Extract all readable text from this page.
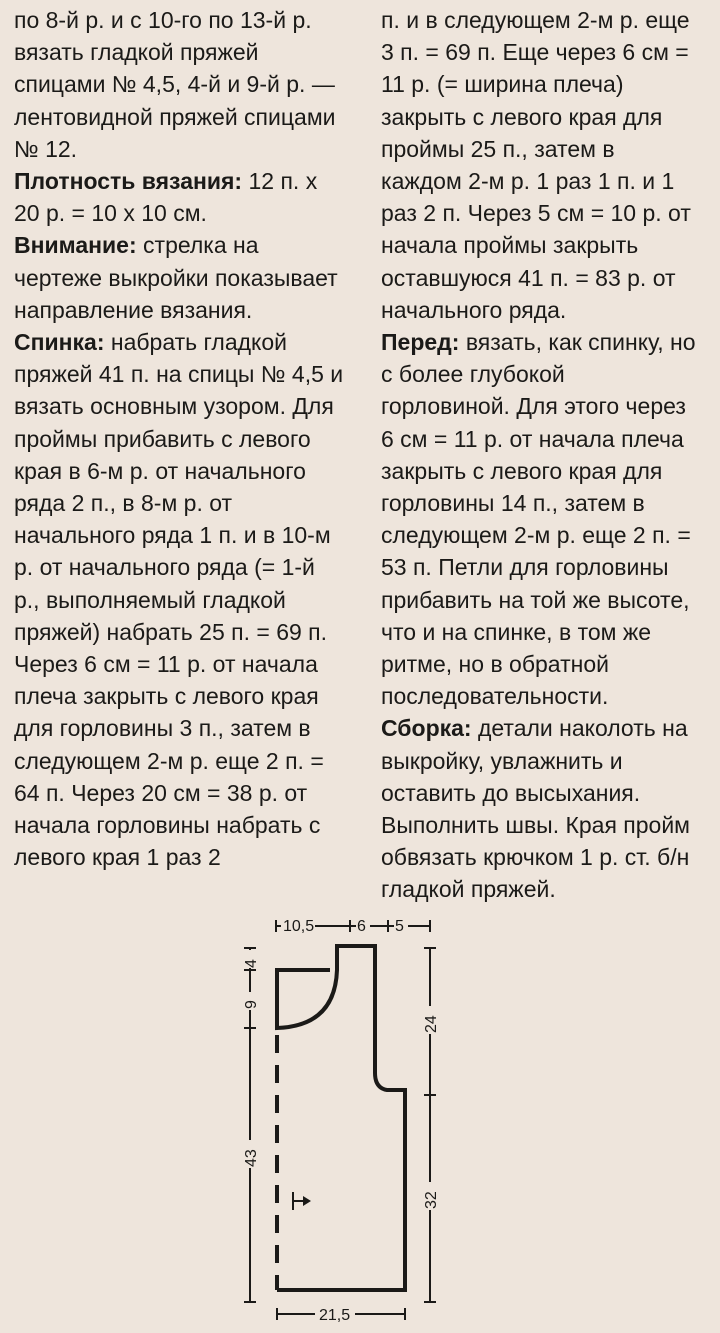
по 8-й р. и с 10-го по 13-й р. вязать гладкой пряжей спицами № 4,5, 4-й и 9-й р. — лентовидной пряжей спицами № 12.

Плотность вязания: 12 п. х 20 р. = 10 х 10 см.

Внимание: стрелка на чертеже выкройки показывает направление вязания.

Спинка: набрать гладкой пряжей 41 п. на спицы № 4,5 и вязать основным узором. Для проймы прибавить с левого края в 6-м р. от начального ряда 2 п., в 8-м р. от начального ряда 1 п. и в 10-м р. от начального ряда (= 1-й р., выполняемый гладкой пряжей) набрать 25 п. = 69 п. Через 6 см = 11 р. от начала плеча закрыть с левого края для горловины 3 п., затем в следующем 2-м р. еще 2 п. = 64 п. Через 20 см = 38 р. от начала горловины набрать с левого края 1 раз 2

п. и в следующем 2-м р. еще 3 п. = 69 п. Еще через 6 см = 11 р. (= ширина плеча) закрыть с левого края для проймы 25 п., затем в каждом 2-м р. 1 раз 1 п. и 1 раз 2 п. Через 5 см = 10 р. от начала проймы закрыть оставшуюся 41 п. = 83 р. от начального ряда.

Перед: вязать, как спинку, но с более глубокой горловиной. Для этого через 6 см = 11 р. от начала плеча закрыть с левого края для горловины 14 п., затем в следующем 2-м р. еще 2 п. = 53 п. Петли для горловины прибавить на той же высоте, что и на спинке, в том же ритме, но в обратной последовательности.

Сборка: детали наколоть на выкройку, увлажнить и оставить до высыхания. Выполнить швы. Края пройм обвязать крючком 1 р. ст. б/н гладкой пряжей.

10,5	6 5
4
9
43
24
32
21,5
